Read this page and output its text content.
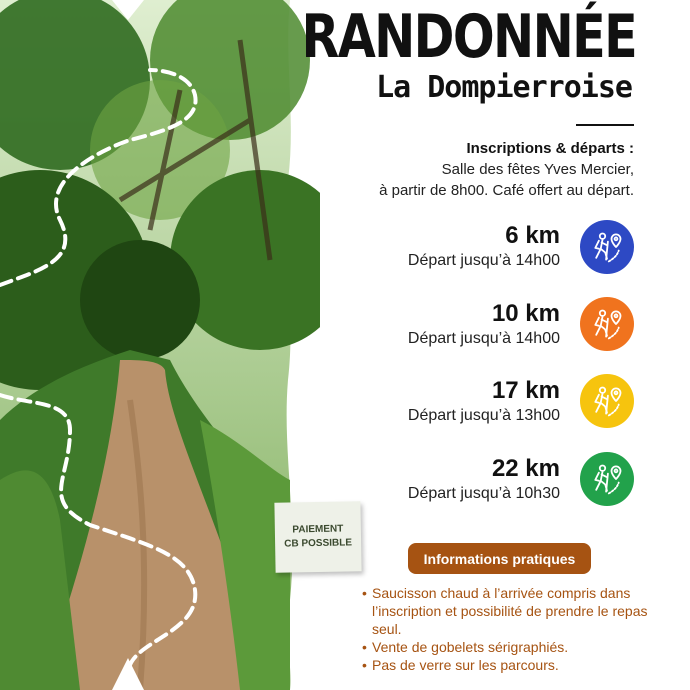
RANDONNÉE
La Dompierroise
Inscriptions & départs :
Salle des fêtes Yves Mercier,
à partir de 8h00. Café offert au départ.
6 km
Départ jusqu’à 14h00
10 km
Départ jusqu’à 14h00
17 km
Départ jusqu’à 13h00
22 km
Départ jusqu’à 10h30
PAIEMENT
CB POSSIBLE
Informations pratiques
• Saucisson chaud à l’arrivée compris dans l’inscription et possibilité de prendre le repas seul.
• Vente de gobelets sérigraphiés.
• Pas de verre sur les parcours.
